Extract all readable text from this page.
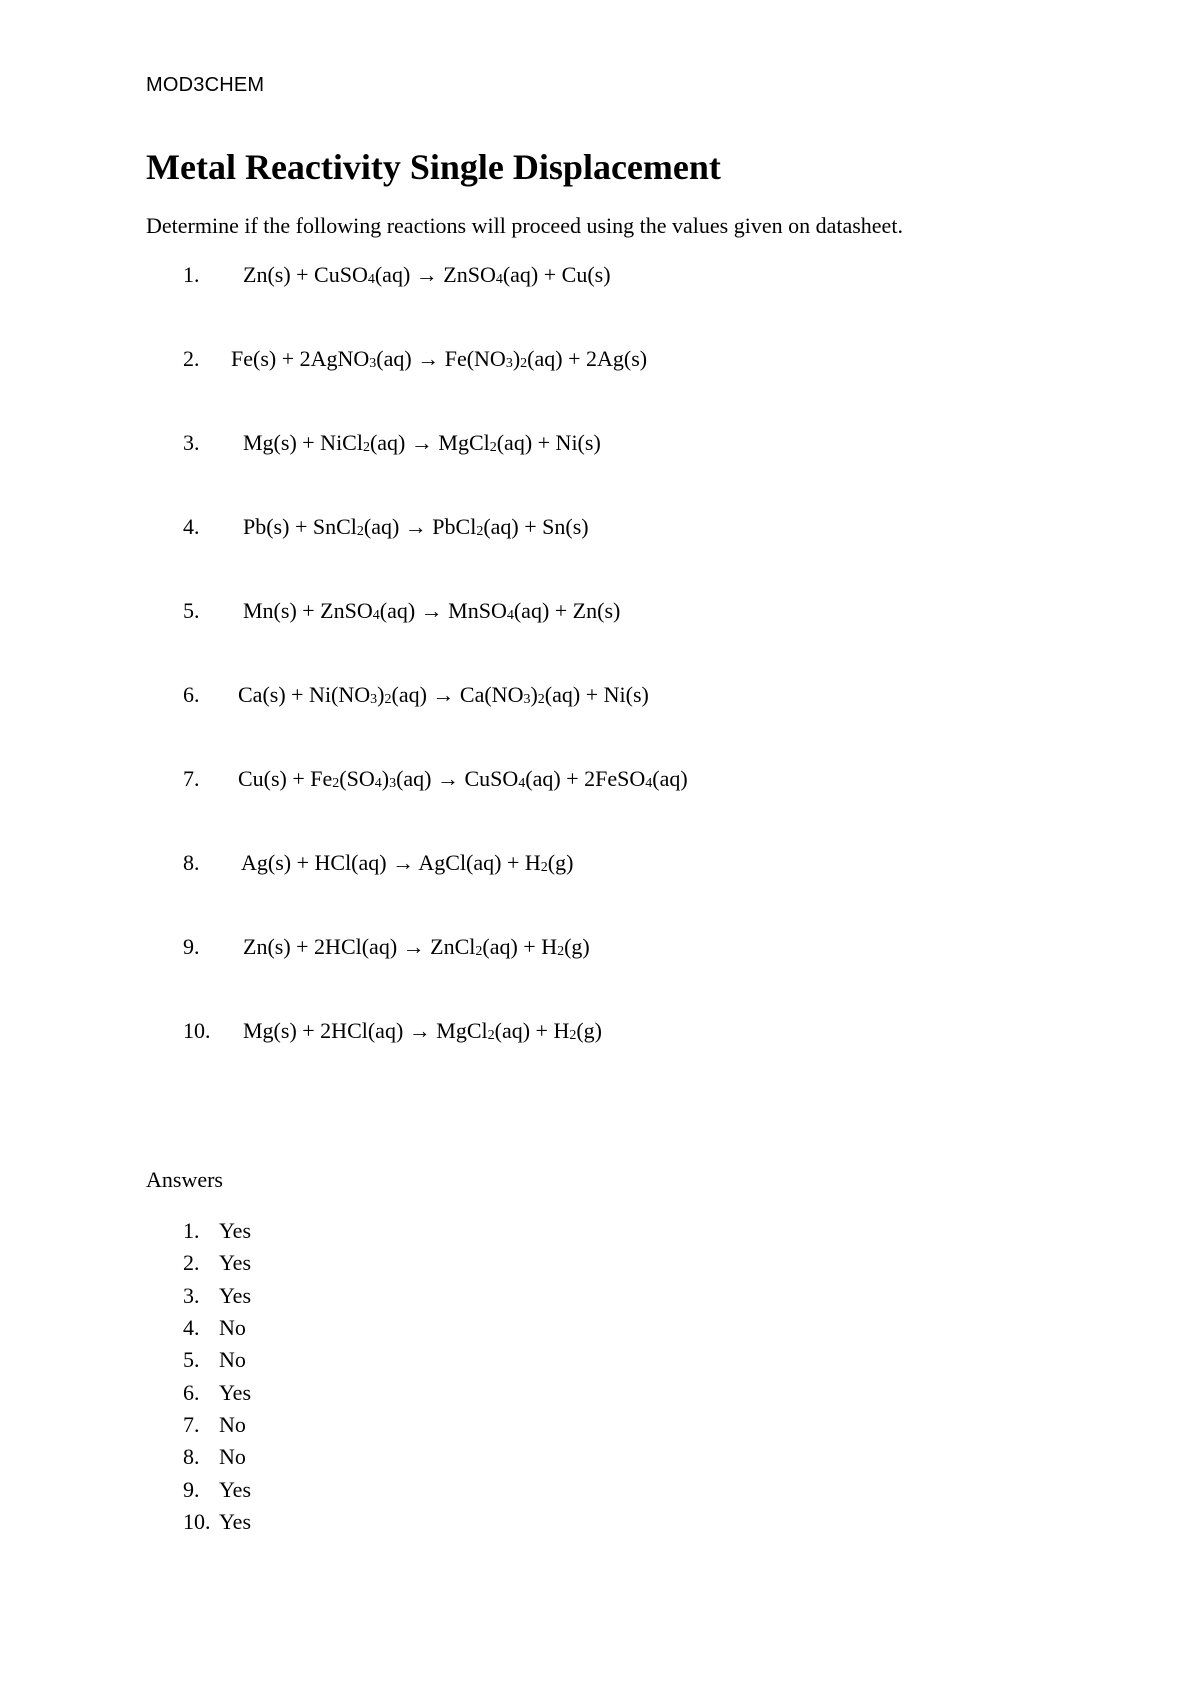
MOD3CHEM
Metal Reactivity Single Displacement
Determine if the following reactions will proceed using the values given on datasheet.
1. Zn(s) + CuSO$_4$(aq) → ZnSO$_4$(aq) + Cu(s)
2. Fe(s) + 2AgNO$_3$(aq) → $Fe(NO_3)_2(aq) + 2Ag(s)$
3. Mg(s) + NiCl$_2$(aq) → MgCl$_2$(aq) + Ni(s)
4. Pb(s) + SnCl$_2$(aq) → PbCl$_2$(aq) + Sn(s)
5. Mn(s) + ZnSO$_4$(aq) → MnSO$_4$(aq) + Zn(s)
6. $Ca(s) + Ni(NO_3)_2(aq) \to Ca(NO_3)_2(aq) + Ni(s)$
7. $Cu(s) + Fe_2(SO_4)_3(aq)$ → CuSO$_4$(aq) + 2FeSO$_4$(aq)
8. Ag(s) + HCl(aq) → AgCl(aq) + $H_2(g)$
9. Zn(s) + 2HCl(aq) → ZnCl$_2$(aq) + $H_2(g)$
10. Mg(s) + 2HCl(aq) → MgCl$_2$(aq) + $H_2(g)$
Answers
1. Yes
2. Yes
3. Yes
4. No
5. No
6. Yes
7. No
8. No
9. Yes
10. Yes
